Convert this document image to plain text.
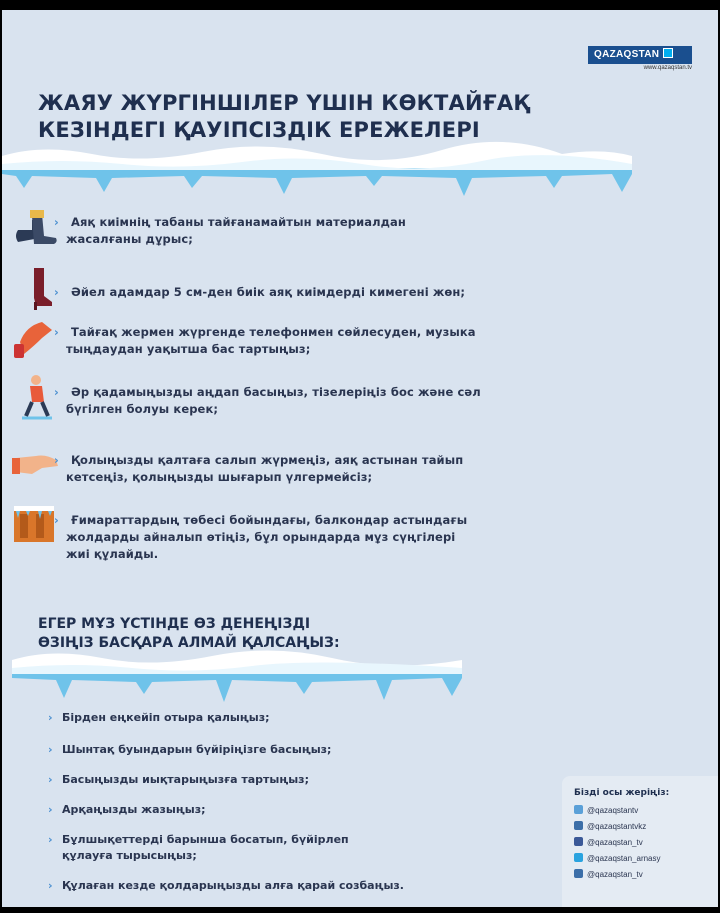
QAZAQSTAN
www.qazaqstan.tv
ЖАЯУ ЖҮРГІНШІЛЕР ҮШІН КӨКТАЙҒАҚ
КЕЗІНДЕГІ ҚАУІПСІЗДІК ЕРЕЖЕЛЕРІ
› Аяқ киімнің табаны тайғанамайтын материалдан
жасалғаны дұрыс;
› Әйел адамдар 5 см-ден биік аяқ киімдерді кимегені жөн;
› Тайғақ жермен жүргенде телефонмен сөйлесуден, музыка
тыңдаудан уақытша бас тартыңыз;
› Әр қадамыңызды аңдап басыңыз, тізелеріңіз бос және сәл
бүгілген болуы керек;
› Қолыңызды қалтаға салып жүрмеңіз, аяқ астынан тайып
кетсеңіз, қолыңызды шығарып үлгермейсіз;
› Ғимараттардың төбесі бойындағы, балкондар астындағы
жолдарды айналып өтіңіз, бұл орындарда мұз сүңгілері
жиі құлайды.
ЕГЕР МҰЗ ҮСТІНДЕ ӨЗ ДЕНЕҢІЗДІ
ӨЗІҢІЗ БАСҚАРА АЛМАЙ ҚАЛСАҢЫЗ:
› Бірден еңкейіп отыра қалыңыз;
› Шынтақ буындарын бүйіріңізге басыңыз;
› Басыңызды иықтарыңызға тартыңыз;
› Арқаңызды жазыңыз;
› Бұлшықеттерді барынша босатып, бүйірлеп
құлауға тырысыңыз;
› Құлаған кезде қолдарыңызды алға қарай созбаңыз.
Бізді осы жеріңіз:
@qazaqstantv
@qazaqstantvkz
@qazaqstan_tv
@qazaqstan_arnasy
@qazaqstan_tv
